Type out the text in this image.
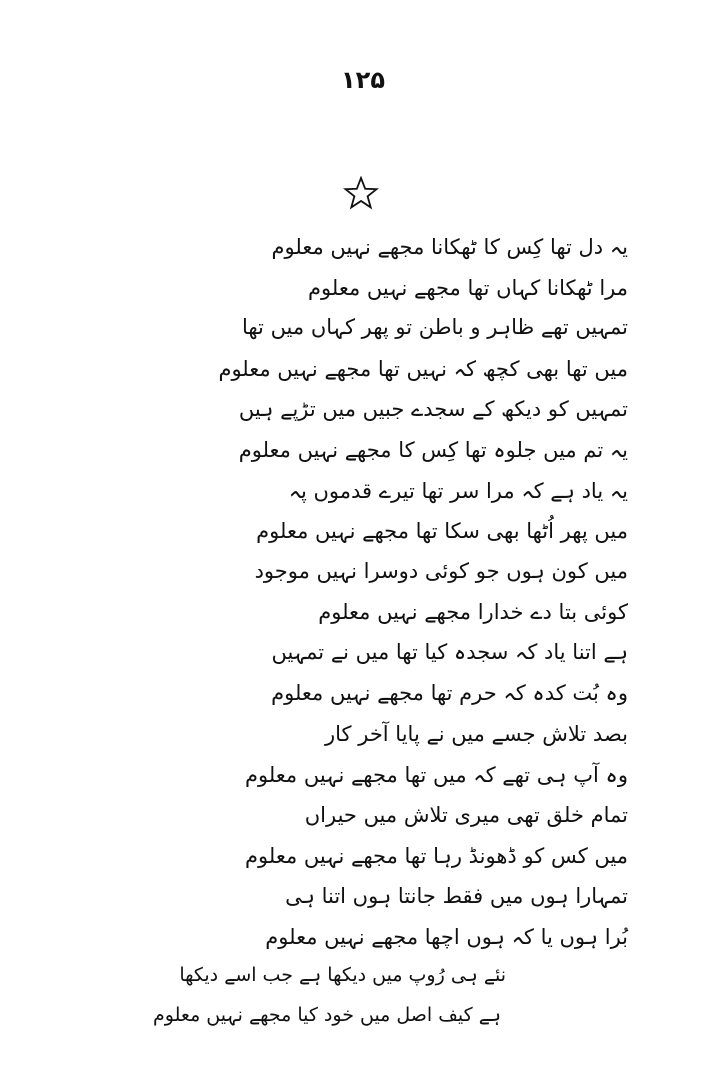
۱۲۵
یہ دل تھا کِس کا ٹھکانا مجھے نہیں معلوم
مرا ٹھکانا کہاں تھا مجھے نہیں معلوم
تمہیں تھے ظاہر و باطن تو پھر کہاں میں تھا
میں تھا بھی کچھ کہ نہیں تھا مجھے نہیں معلوم
تمہیں کو دیکھ کے سجدے جبیں میں تڑپے ہیں
یہ تم میں جلوہ تھا کِس کا مجھے نہیں معلوم
یہ یاد ہے کہ مرا سر تھا تیرے قدموں پہ
میں پھر اُٹھا بھی سکا تھا مجھے نہیں معلوم
میں کون ہوں جو کوئی دوسرا نہیں موجود
کوئی بتا دے خدارا مجھے نہیں معلوم
ہے اتنا یاد کہ سجدہ کیا تھا میں نے تمہیں
وہ بُت کدہ کہ حرم تھا مجھے نہیں معلوم
بصد تلاش جسے میں نے پایا آخر کار
وہ آپ ہی تھے کہ میں تھا مجھے نہیں معلوم
تمام خلق تھی میری تلاش میں حیراں
میں کس کو ڈھونڈ رہا تھا مجھے نہیں معلوم
تمہارا ہوں میں فقط جانتا ہوں اتنا ہی
بُرا ہوں یا کہ ہوں اچھا مجھے نہیں معلوم
نئے ہی رُوپ میں دیکھا ہے جب اسے دیکھا
ہے کیف اصل میں خود کیا مجھے نہیں معلوم
